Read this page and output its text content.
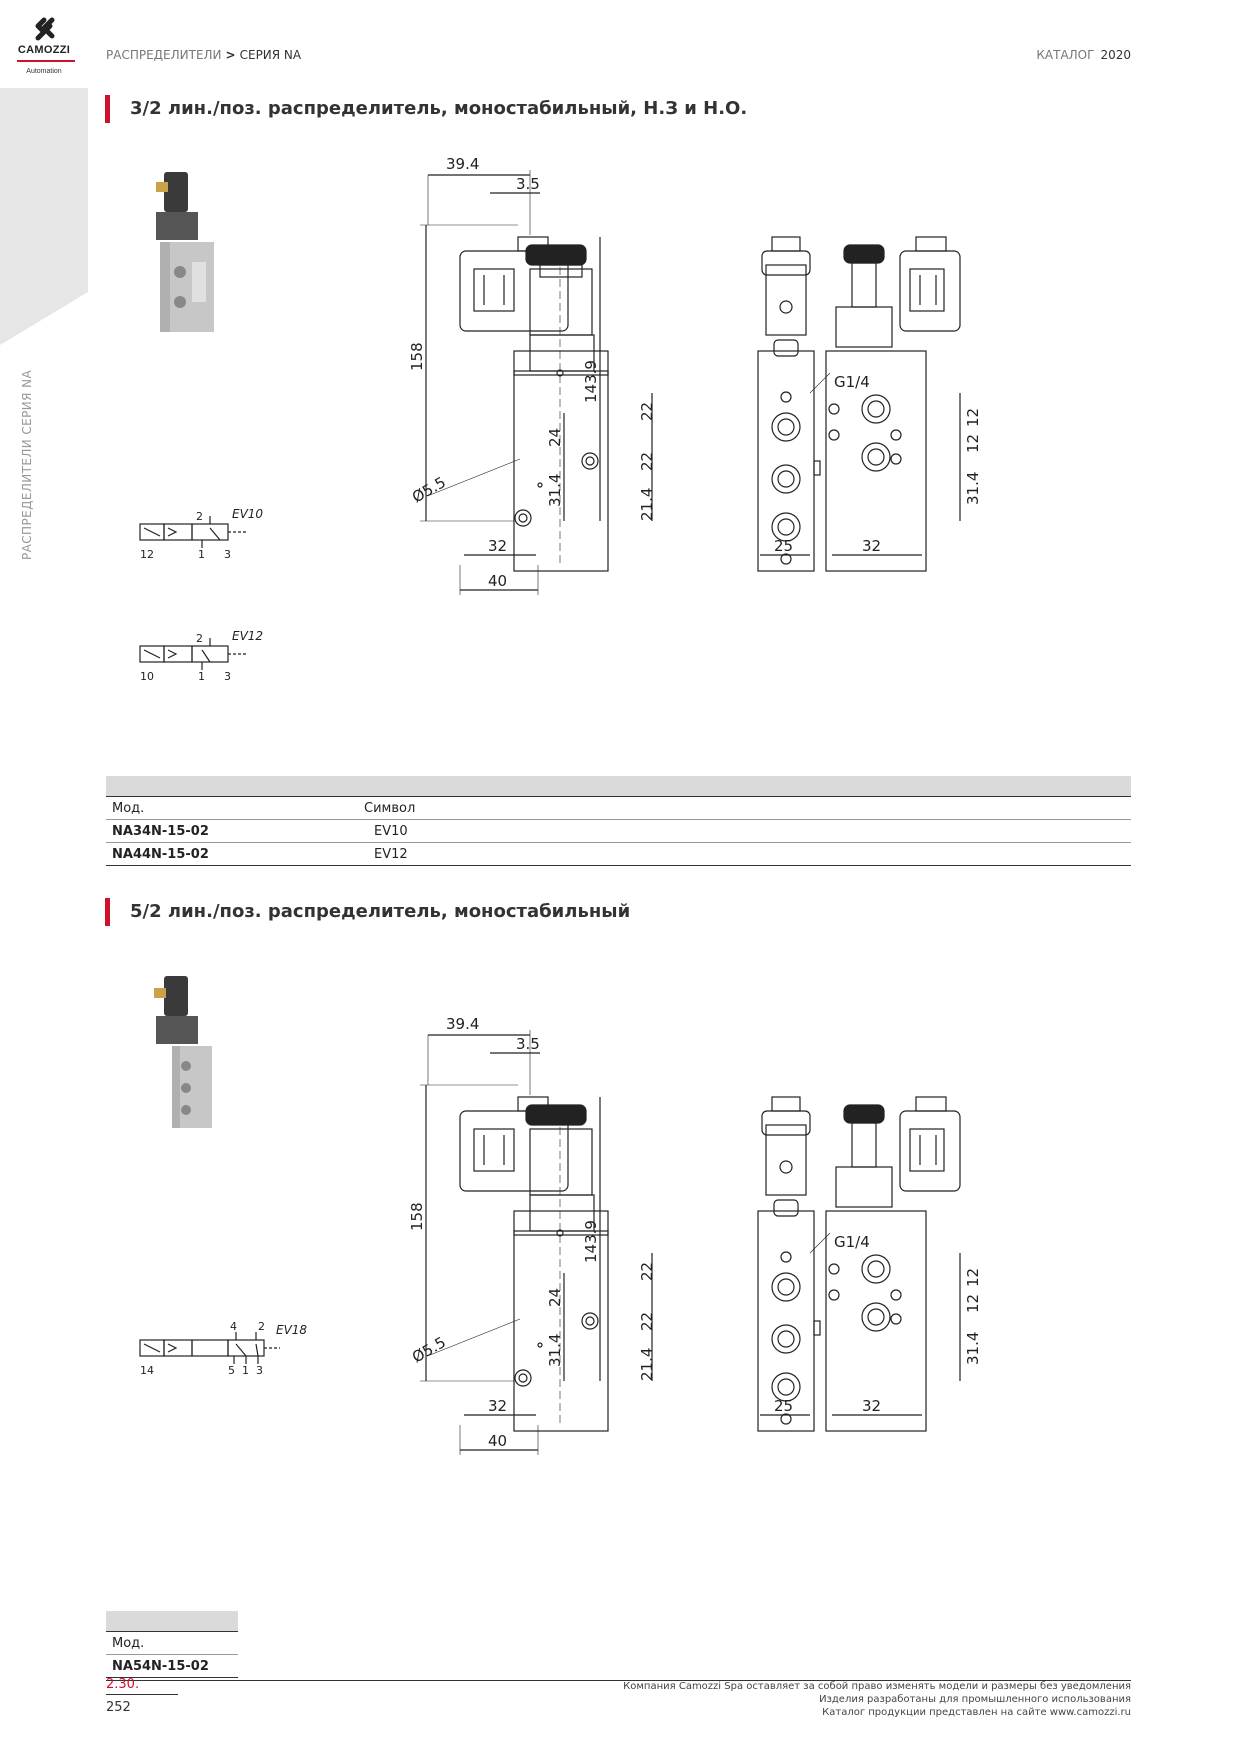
CAMOZZI
Automation
РАСПРЕДЕЛИТЕЛИ СЕРИЯ NA
РАСПРЕДЕЛИТЕЛИ > СЕРИЯ NA	КАТАЛОГ 2020
3/2 лин./поз. распределитель, моностабильный, Н.З и Н.О.
39.4
3.5
158
143.9
24
31.4
Ø5.5
32
40
22
22
21.4
25
G1/4
12
12
31.4
32
EV10
2
1 3
12
EV12
2
1 3
10

Мод.	Символ
NA34N-15-02	EV10
NA44N-15-02	EV12
5/2 лин./поз. распределитель, моностабильный
39.4
3.5
158
143.9
24
31.4
Ø5.5
32
40
22
22
21.4
25
G1/4
12
12
31.4
32
EV18
4 2
5 1 3
14

Мод.
NA54N-15-02
2.30.
252
Компания Camozzi Spa оставляет за собой право изменять модели и размеры без уведомления
Изделия разработаны для промышленного использования
Каталог продукции представлен на сайте www.camozzi.ru
